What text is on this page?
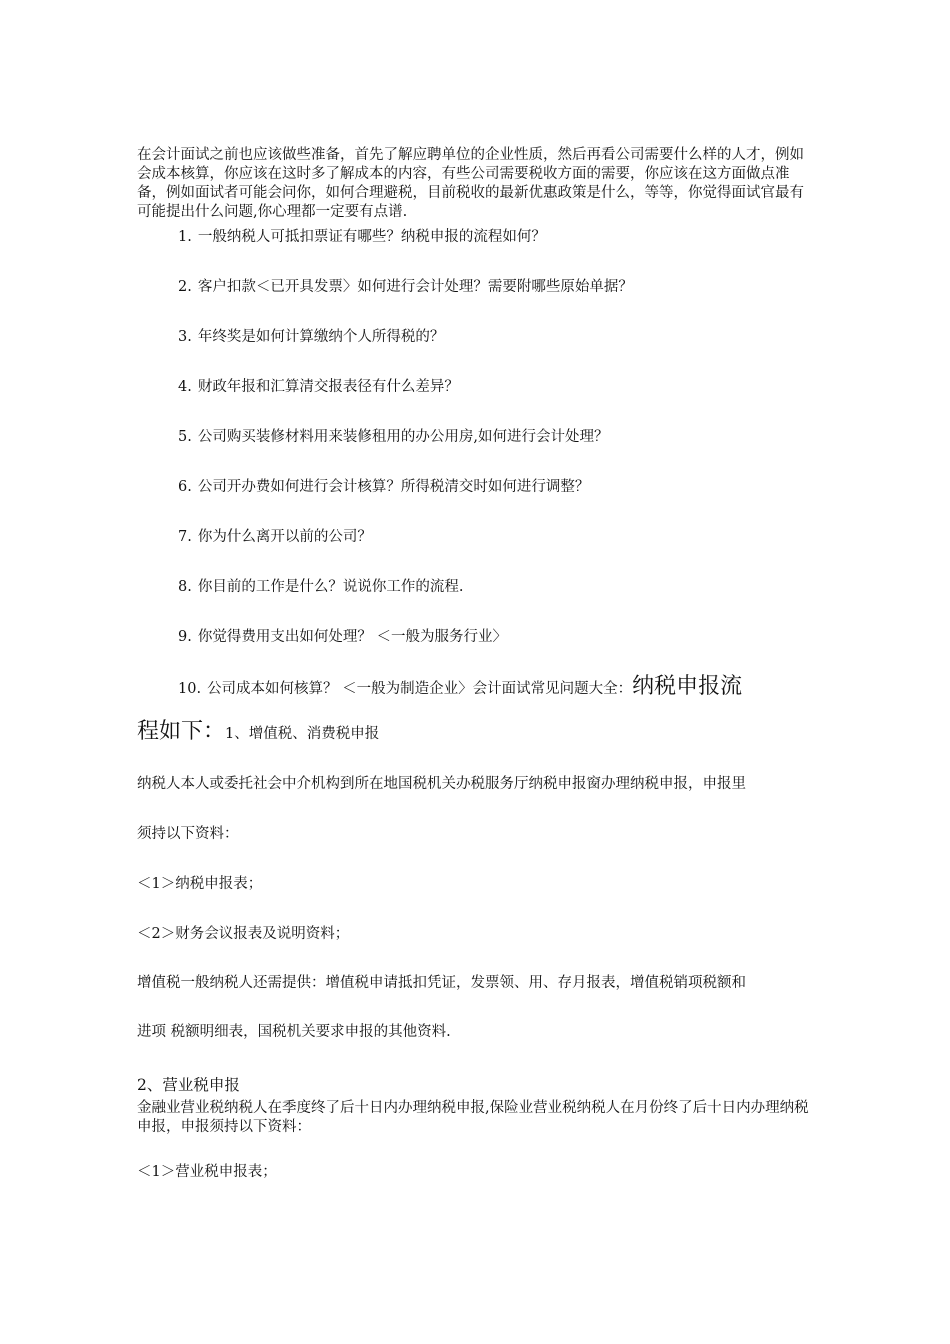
在会计面试之前也应该做些准备，首先了解应聘单位的企业性质，然后再看公司需要什么样的人才，例如会成本核算，你应该在这时多了解成本的内容，有些公司需要税收方面的需要，你应该在这方面做点准备，例如面试者可能会问你，如何合理避税，目前税收的最新优惠政策是什么，等等，你觉得面试官最有可能提出什么问题,你心理都一定要有点谱.

1. 一般纳税人可抵扣票证有哪些？纳税申报的流程如何？
2. 客户扣款＜已开具发票〉如何进行会计处理？需要附哪些原始单据？
3. 年终奖是如何计算缴纳个人所得税的？
4. 财政年报和汇算清交报表径有什么差异？
5. 公司购买装修材料用来装修租用的办公用房,如何进行会计处理？
6. 公司开办费如何进行会计核算？所得税清交时如何进行调整？
7. 你为什么离开以前的公司？
8. 你目前的工作是什么？说说你工作的流程.
9. 你觉得费用支出如何处理？ ＜一般为服务行业〉
10. 公司成本如何核算？ ＜一般为制造企业〉会计面试常见问题大全：纳税申报流
程如下：1、增值税、消费税申报
纳税人本人或委托社会中介机构到所在地国税机关办税服务厅纳税申报窗办理纳税申报，申报里
须持以下资料：
＜1＞纳税申报表；
＜2＞财务会议报表及说明资料；
增值税一般纳税人还需提供：增值税申请抵扣凭证，发票领、用、存月报表，增值税销项税额和
进项 税额明细表，国税机关要求申报的其他资料.
2、营业税申报

金融业营业税纳税人在季度终了后十日内办理纳税申报,保险业营业税纳税人在月份终了后十日内办理纳税申报，申报须持以下资料：

＜1＞营业税申报表；
